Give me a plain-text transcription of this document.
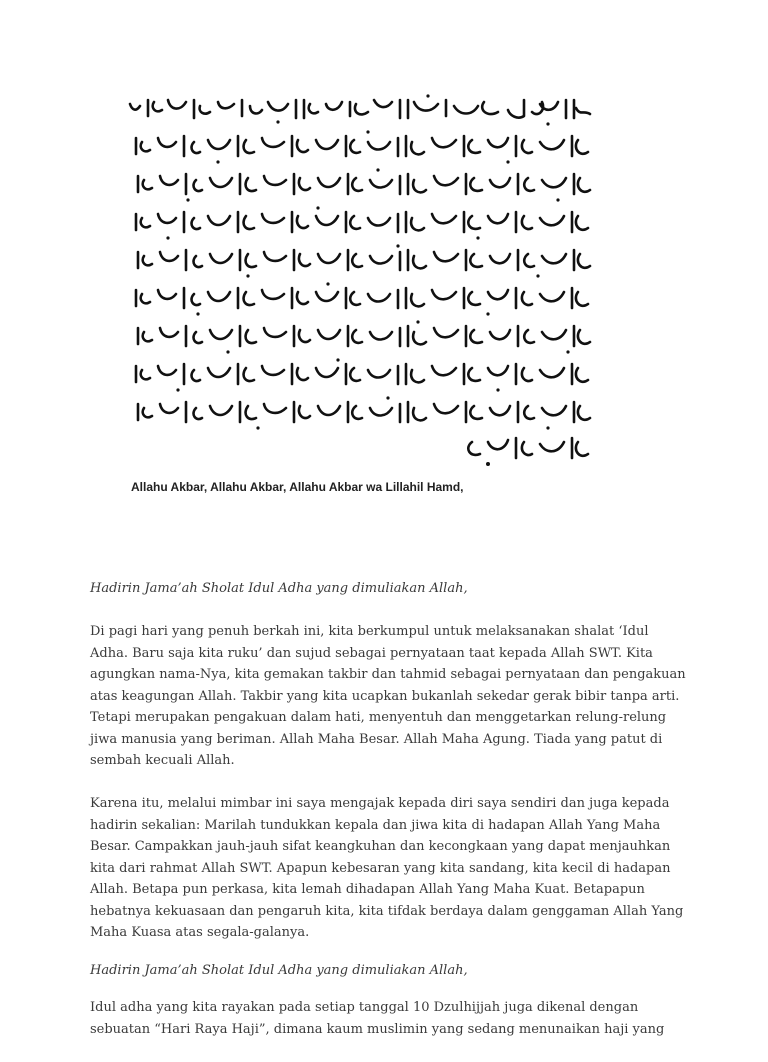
Allahu Akbar, Allahu Akbar, Allahu Akbar wa Lillahil Hamd,

Hadirin Jama’ah Sholat Idul Adha yang dimuliakan Allah,

Di pagi hari yang penuh berkah ini, kita berkumpul untuk melaksanakan shalat ‘Idul Adha. Baru saja kita ruku’ dan sujud sebagai pernyataan taat kepada Allah SWT. Kita agungkan nama-Nya, kita gemakan takbir dan tahmid sebagai pernyataan dan pengakuan atas keagungan Allah. Takbir yang kita ucapkan bukanlah sekedar gerak bibir tanpa arti. Tetapi merupakan pengakuan dalam hati, menyentuh dan menggetarkan relung-relung jiwa manusia yang beriman. Allah Maha Besar. Allah Maha Agung. Tiada yang patut di sembah kecuali Allah.

Karena itu, melalui mimbar ini saya mengajak kepada diri saya sendiri dan juga kepada hadirin sekalian: Marilah tundukkan kepala dan jiwa kita di hadapan Allah Yang Maha Besar. Campakkan jauh-jauh sifat keangkuhan dan kecongkaan yang dapat menjauhkan kita dari rahmat Allah SWT. Apapun kebesaran yang kita sandang, kita kecil di hadapan Allah. Betapa pun perkasa, kita lemah dihadapan Allah Yang Maha Kuat. Betapapun hebatnya kekuasaan dan pengaruh kita, kita tifdak berdaya dalam genggaman Allah Yang Maha Kuasa atas segala-galanya.

Hadirin Jama’ah Sholat Idul Adha yang dimuliakan Allah,

Idul adha yang kita rayakan pada setiap tanggal 10 Dzulhijjah juga dikenal dengan sebuatan “Hari Raya Haji”, dimana kaum muslimin yang sedang menunaikan haji yang
